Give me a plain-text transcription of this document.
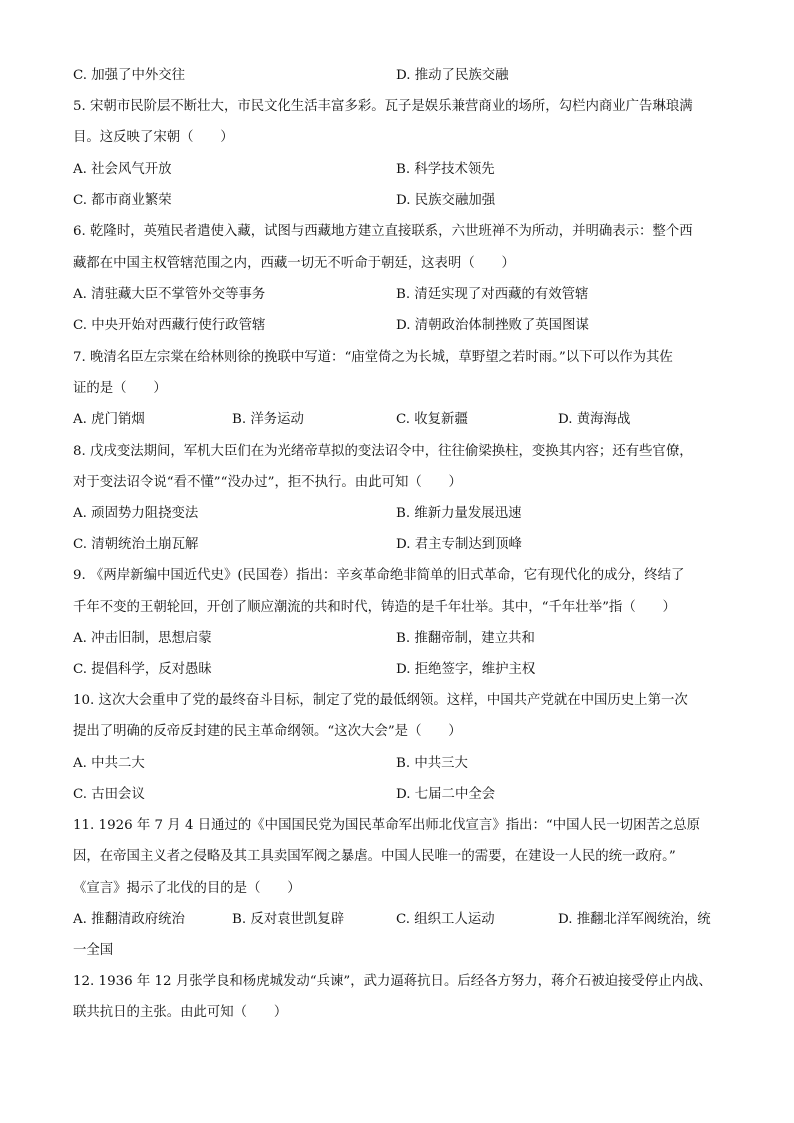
C. 加强了中外交往	D. 推动了民族交融
5. 宋朝市民阶层不断壮大，市民文化生活丰富多彩。瓦子是娱乐兼营商业的场所，勾栏内商业广告琳琅满
目。这反映了宋朝（　　）
A. 社会风气开放	B. 科学技术领先
C. 都市商业繁荣	D. 民族交融加强
6. 乾隆时，英殖民者遣使入藏，试图与西藏地方建立直接联系，六世班禅不为所动，并明确表示：整个西
藏都在中国主权管辖范围之内，西藏一切无不听命于朝廷，这表明（　　）
A. 清驻藏大臣不掌管外交等事务	B. 清廷实现了对西藏的有效管辖
C. 中央开始对西藏行使行政管辖	D. 清朝政治体制挫败了英国图谋
7. 晚清名臣左宗棠在给林则徐的挽联中写道：“庙堂倚之为长城，草野望之若时雨。”以下可以作为其佐
证的是（　　）
A. 虎门销烟	B. 洋务运动	C. 收复新疆	D. 黄海海战
8. 戊戌变法期间，军机大臣们在为光绪帝草拟的变法诏令中，往往偷梁换柱，变换其内容；还有些官僚，
对于变法诏令说“看不懂”“没办过”，拒不执行。由此可知（　　）
A. 顽固势力阻挠变法	B. 维新力量发展迅速
C. 清朝统治土崩瓦解	D. 君主专制达到顶峰
9. 《两岸新编中国近代史》(民国卷）指出：辛亥革命绝非简单的旧式革命，它有现代化的成分，终结了
千年不变的王朝轮回，开创了顺应潮流的共和时代，铸造的是千年壮举。其中，“千年壮举”指（　　）
A. 冲击旧制，思想启蒙	B. 推翻帝制，建立共和
C. 提倡科学，反对愚昧	D. 拒绝签字，维护主权
10. 这次大会重申了党的最终奋斗目标，制定了党的最低纲领。这样，中国共产党就在中国历史上第一次
提出了明确的反帝反封建的民主革命纲领。“这次大会”是（　　）
A. 中共二大	B. 中共三大
C. 古田会议	D. 七届二中全会
11. 1926 年 7 月 4 日通过的《中国国民党为国民革命军出师北伐宣言》指出：“中国人民一切困苦之总原
因，在帝国主义者之侵略及其工具卖国军阀之暴虐。中国人民唯一的需要，在建设一人民的统一政府。”
《宣言》揭示了北伐的目的是（　　）
A. 推翻清政府统治	B. 反对袁世凯复辟	C. 组织工人运动	D. 推翻北洋军阀统治，统
一全国
12. 1936 年 12 月张学良和杨虎城发动“兵谏”，武力逼蒋抗日。后经各方努力，蒋介石被迫接受停止内战、
联共抗日的主张。由此可知（　　）
